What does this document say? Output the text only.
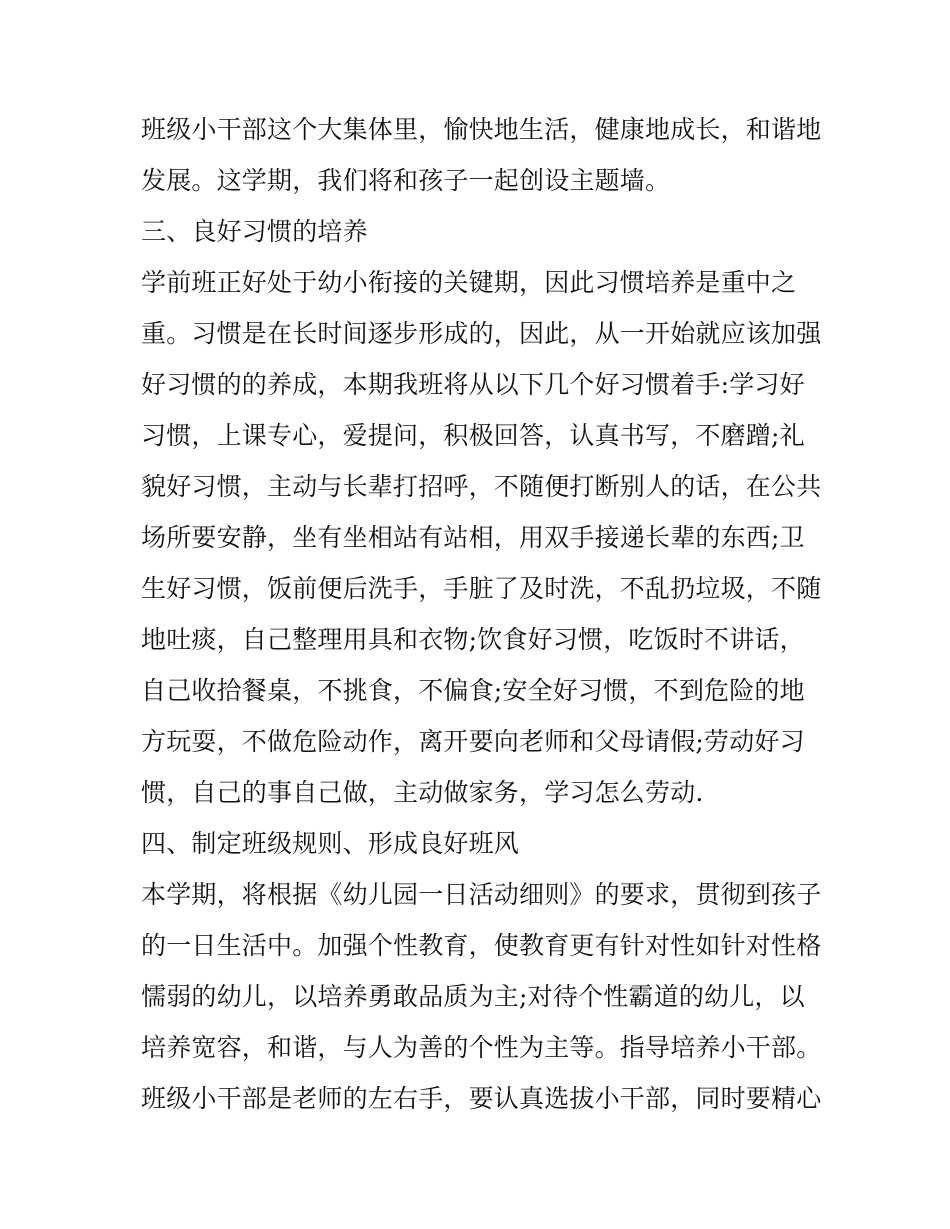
班级小干部这个大集体里，愉快地生活，健康地成长，和谐地
发展。这学期，我们将和孩子一起创设主题墙。
三、良好习惯的培养
学前班正好处于幼小衔接的关键期，因此习惯培养是重中之
重。习惯是在长时间逐步形成的，因此，从一开始就应该加强
好习惯的的养成，本期我班将从以下几个好习惯着手:学习好
习惯，上课专心，爱提问，积极回答，认真书写，不磨蹭;礼
貌好习惯，主动与长辈打招呼，不随便打断别人的话，在公共
场所要安静，坐有坐相站有站相，用双手接递长辈的东西;卫
生好习惯，饭前便后洗手，手脏了及时洗，不乱扔垃圾，不随
地吐痰，自己整理用具和衣物;饮食好习惯，吃饭时不讲话，
自己收拾餐桌，不挑食，不偏食;安全好习惯，不到危险的地
方玩耍，不做危险动作，离开要向老师和父母请假;劳动好习
惯，自己的事自己做，主动做家务，学习怎么劳动.
四、制定班级规则、形成良好班风
本学期，将根据《幼儿园一日活动细则》的要求，贯彻到孩子
的一日生活中。加强个性教育，使教育更有针对性如针对性格
懦弱的幼儿，以培养勇敢品质为主;对待个性霸道的幼儿，以
培养宽容，和谐，与人为善的个性为主等。指导培养小干部。
班级小干部是老师的左右手，要认真选拔小干部，同时要精心
